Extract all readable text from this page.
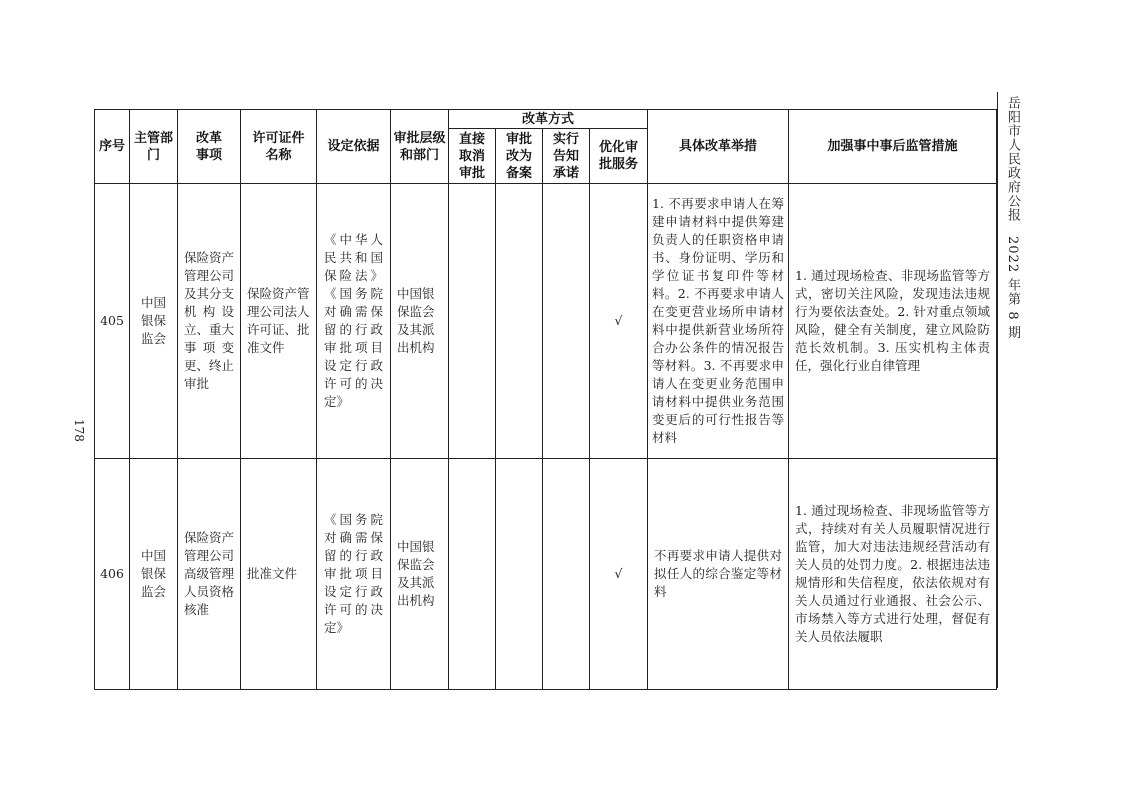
178
岳阳市人民政府公报2022 年第 8 期
序号	主管部门	改革事项	许可证件名称	设定依据	审批层级和部门	改革方式				具体改革举措	加强事中事后监管措施
						直接取消审批	审批改为备案	实行告知承诺	优化审批服务		
405	中国银保监会	保险资产管理公司及其分支机构设立、重大事项变更、终止审批	保险资产管理公司法人许可证、批准文件	《中华人民共和国保险法》《国务院对确需保留的行政审批项目设定行政许可的决定》	中国银保监会及其派出机构				√	1. 不再要求申请人在筹建申请材料中提供筹建负责人的任职资格申请书、身份证明、学历和学位证书复印件等材料。2. 不再要求申请人在变更营业场所申请材料中提供新营业场所符合办公条件的情况报告等材料。3. 不再要求申请人在变更业务范围申请材料中提供业务范围变更后的可行性报告等材料	1. 通过现场检查、非现场监管等方式，密切关注风险，发现违法违规行为要依法查处。2. 针对重点领域风险，健全有关制度，建立风险防范长效机制。3. 压实机构主体责任，强化行业自律管理
406	中国银保监会	保险资产管理公司高级管理人员资格核准	批准文件	《国务院对确需保留的行政审批项目设定行政许可的决定》	中国银保监会及其派出机构				√	不再要求申请人提供对拟任人的综合鉴定等材料	1. 通过现场检查、非现场监管等方式，持续对有关人员履职情况进行监管，加大对违法违规经营活动有关人员的处罚力度。2. 根据违法违规情形和失信程度，依法依规对有关人员通过行业通报、社会公示、市场禁入等方式进行处理，督促有关人员依法履职
